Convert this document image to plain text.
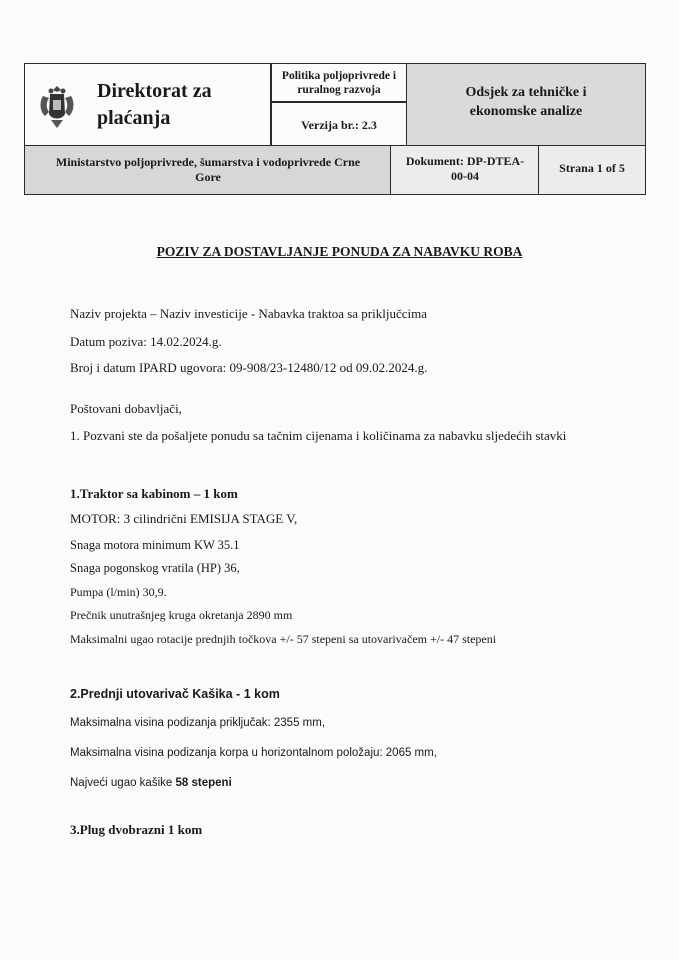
Direktorat za
plaćanja
Politika poljoprivrede i
ruralnog razvoja
Verzija br.: 2.3
Odsjek za tehničke i
ekonomske analize
Ministarstvo poljoprivrede, šumarstva i vodoprivrede Crne
Gore
Dokument: DP-DTEA-
00-04
Strana 1 of 5
POZIV ZA DOSTAVLJANJE PONUDA ZA NABAVKU ROBA
Naziv projekta – Naziv investicije - Nabavka traktoa sa priključcima
Datum poziva: 14.02.2024.g.
Broj i datum IPARD ugovora: 09-908/23-12480/12 od 09.02.2024.g.
Poštovani dobavljači,
1. Pozvani ste da pošaljete ponudu sa tačnim cijenama i količinama za nabavku sljedećih stavki
1.Traktor sa kabinom – 1 kom
MOTOR: 3 cilindrični EMISIJA STAGE V,
Snaga motora minimum KW 35.1
Snaga pogonskog vratila (HP) 36,
Pumpa (l/min) 30,9.
Prečnik unutrašnjeg kruga okretanja 2890 mm
Maksimalni ugao rotacije prednjih točkova +/- 57 stepeni sa utovarivačem +/- 47 stepeni
2.Prednji utovarivač Kašika - 1 kom
Maksimalna visina podizanja priključak: 2355 mm,
Maksimalna visina podizanja korpa u horizontalnom položaju: 2065 mm,
Najveći ugao kašike 58 stepeni
3.Plug dvobrazni 1 kom
